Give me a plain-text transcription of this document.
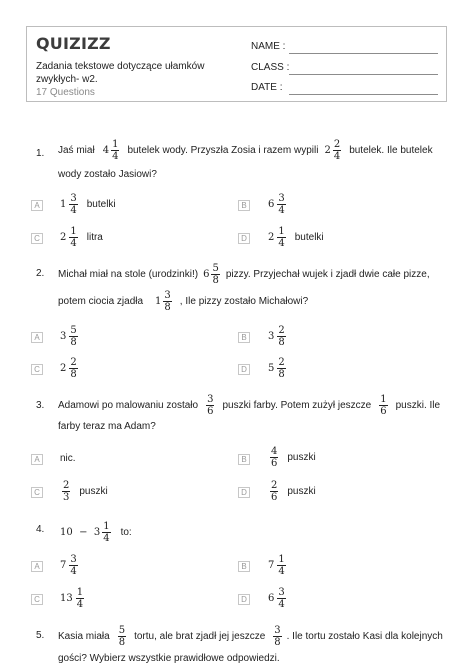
QUIZIZZ
Zadania tekstowe dotyczące ułamków zwykłych- w2.
17 Questions
NAME :
CLASS :
DATE :
1. Jaś miał $4 \frac{1}{4}$ butelek wody. Przyszła Zosia i razem wypili $2 \frac{2}{4}$ butelek. Ile butelek
wody zostało Jasiowi?
A	$1 \frac{3}{4}$ butelki	B	$6 \frac{3}{4}$
C	$2 \frac{1}{4}$ litra	D	$2 \frac{1}{4}$ butelki
2. Michał miał na stole (urodzinki!) $6 \frac{5}{8}$ pizzy. Przyjechał wujek i zjadł dwie całe pizze,
potem ciocia zjadła $1 \frac{3}{8}$ , Ile pizzy zostało Michałowi?
A	$3 \frac{5}{8}$	B	$3 \frac{2}{8}$
C	$2 \frac{2}{8}$	D	$5 \frac{2}{8}$
3. Adamowi po malowaniu zostało $\frac{3}{6}$ puszki farby. Potem zużył jeszcze $\frac{1}{6}$ puszki. Ile
farby teraz ma Adam?
A	nic.	B	$\frac{4}{6}$ puszki
C	$\frac{2}{3}$ puszki	D	$\frac{2}{6}$ puszki
4. $10 - 3 \frac{1}{4}$ to:
A	$7 \frac{3}{4}$	B	$7 \frac{1}{4}$
C	$13 \frac{1}{4}$	D	$6 \frac{3}{4}$
5. Kasia miała $\frac{5}{8}$ tortu, ale brat zjadł jej jeszcze $\frac{3}{8}$ . Ile tortu zostało Kasi dla kolejnych
gości? Wybierz wszystkie prawidłowe odpowiedzi.
